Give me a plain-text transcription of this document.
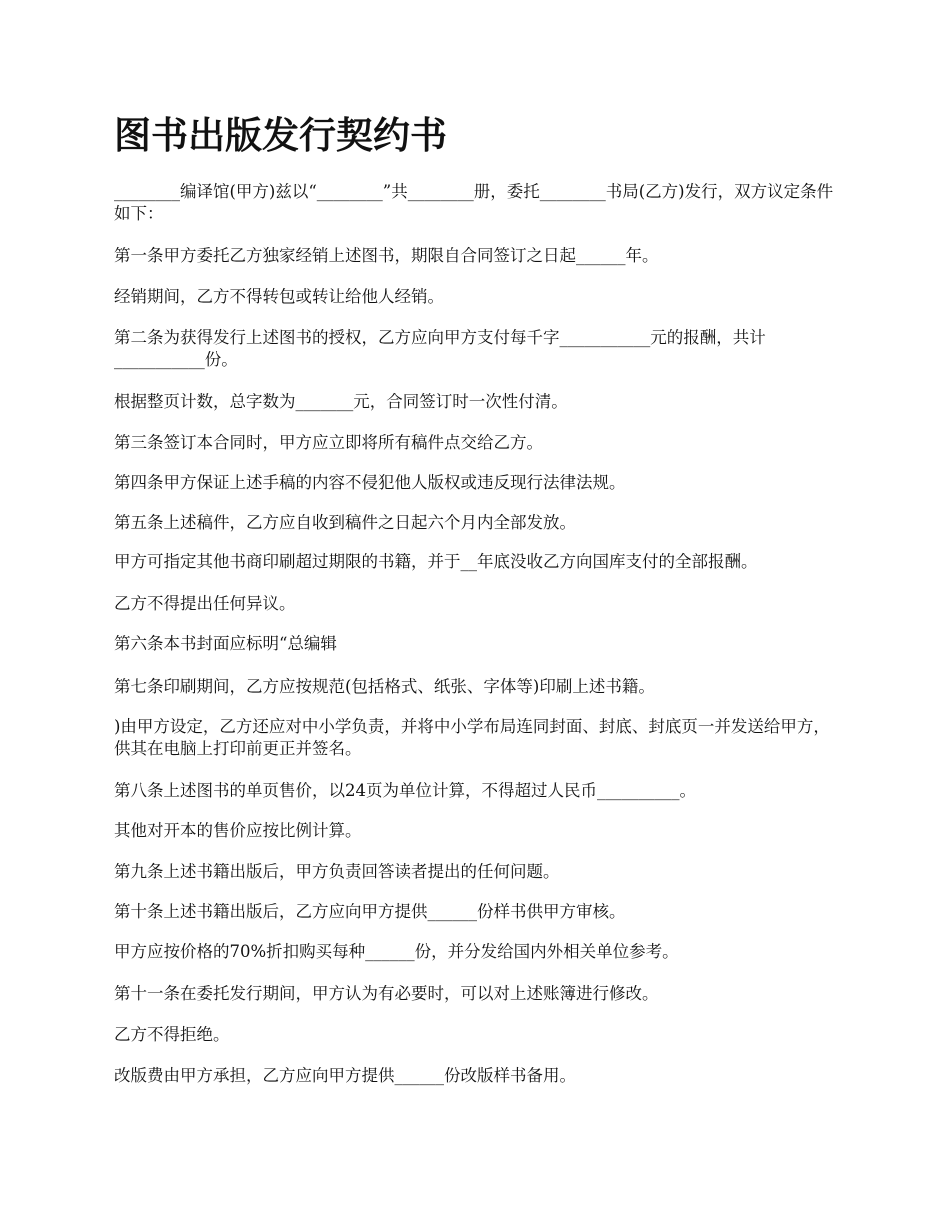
图书出版发行契约书

________编译馆(甲方)兹以“________”共________册，委托________书局(乙方)发行，双方议定条件如下：

第一条甲方委托乙方独家经销上述图书，期限自合同签订之日起______年。

经销期间，乙方不得转包或转让给他人经销。

第二条为获得发行上述图书的授权，乙方应向甲方支付每千字___________元的报酬，共计___________份。

根据整页计数，总字数为_______元，合同签订时一次性付清。

第三条签订本合同时，甲方应立即将所有稿件点交给乙方。

第四条甲方保证上述手稿的内容不侵犯他人版权或违反现行法律法规。

第五条上述稿件，乙方应自收到稿件之日起六个月内全部发放。

甲方可指定其他书商印刷超过期限的书籍，并于__年底没收乙方向国库支付的全部报酬。

乙方不得提出任何异议。

第六条本书封面应标明“总编辑

第七条印刷期间，乙方应按规范(包括格式、纸张、字体等)印刷上述书籍。

)由甲方设定，乙方还应对中小学负责，并将中小学布局连同封面、封底、封底页一并发送给甲方，供其在电脑上打印前更正并签名。

第八条上述图书的单页售价，以24页为单位计算，不得超过人民币__________。

其他对开本的售价应按比例计算。

第九条上述书籍出版后，甲方负责回答读者提出的任何问题。

第十条上述书籍出版后，乙方应向甲方提供______份样书供甲方审核。

甲方应按价格的70%折扣购买每种______份，并分发给国内外相关单位参考。

第十一条在委托发行期间，甲方认为有必要时，可以对上述账簿进行修改。

乙方不得拒绝。

改版费由甲方承担，乙方应向甲方提供______份改版样书备用。
